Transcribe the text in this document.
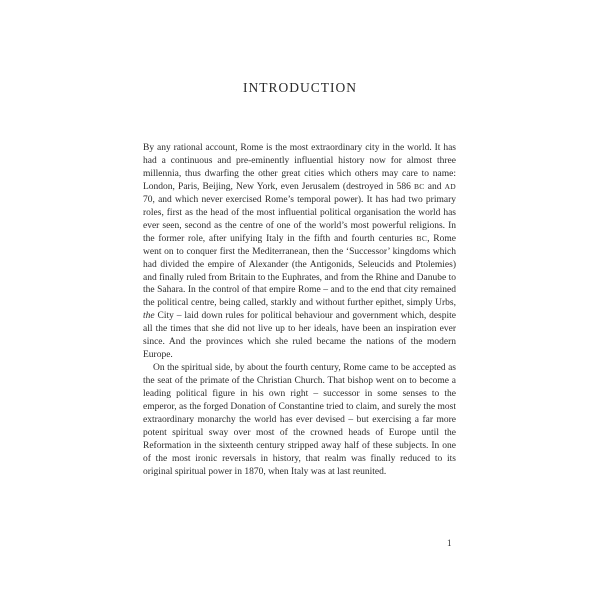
INTRODUCTION

By any rational account, Rome is the most extraordinary city in the world. It has had a continuous and pre-eminently influential history now for almost three millennia, thus dwarfing the other great cities which others may care to name: London, Paris, Beijing, New York, even Jerusalem (destroyed in 586 BC and AD 70, and which never exercised Rome’s temporal power). It has had two primary roles, first as the head of the most influential political organisation the world has ever seen, second as the centre of one of the world’s most powerful religions. In the former role, after unifying Italy in the fifth and fourth centuries BC, Rome went on to conquer first the Mediterranean, then the ‘Successor’ kingdoms which had divided the empire of Alexander (the Antigonids, Seleucids and Ptolemies) and finally ruled from Britain to the Euphrates, and from the Rhine and Danube to the Sahara. In the control of that empire Rome – and to the end that city remained the political centre, being called, starkly and without further epithet, simply Urbs, the City – laid down rules for political behaviour and government which, despite all the times that she did not live up to her ideals, have been an inspiration ever since. And the provinces which she ruled became the nations of the modern Europe.

On the spiritual side, by about the fourth century, Rome came to be accepted as the seat of the primate of the Christian Church. That bishop went on to become a leading political figure in his own right – successor in some senses to the emperor, as the forged Donation of Constantine tried to claim, and surely the most extraordinary monarchy the world has ever devised – but exercising a far more potent spiritual sway over most of the crowned heads of Europe until the Reformation in the sixteenth century stripped away half of these subjects. In one of the most ironic reversals in history, that realm was finally reduced to its original spiritual power in 1870, when Italy was at last reunited.

1
